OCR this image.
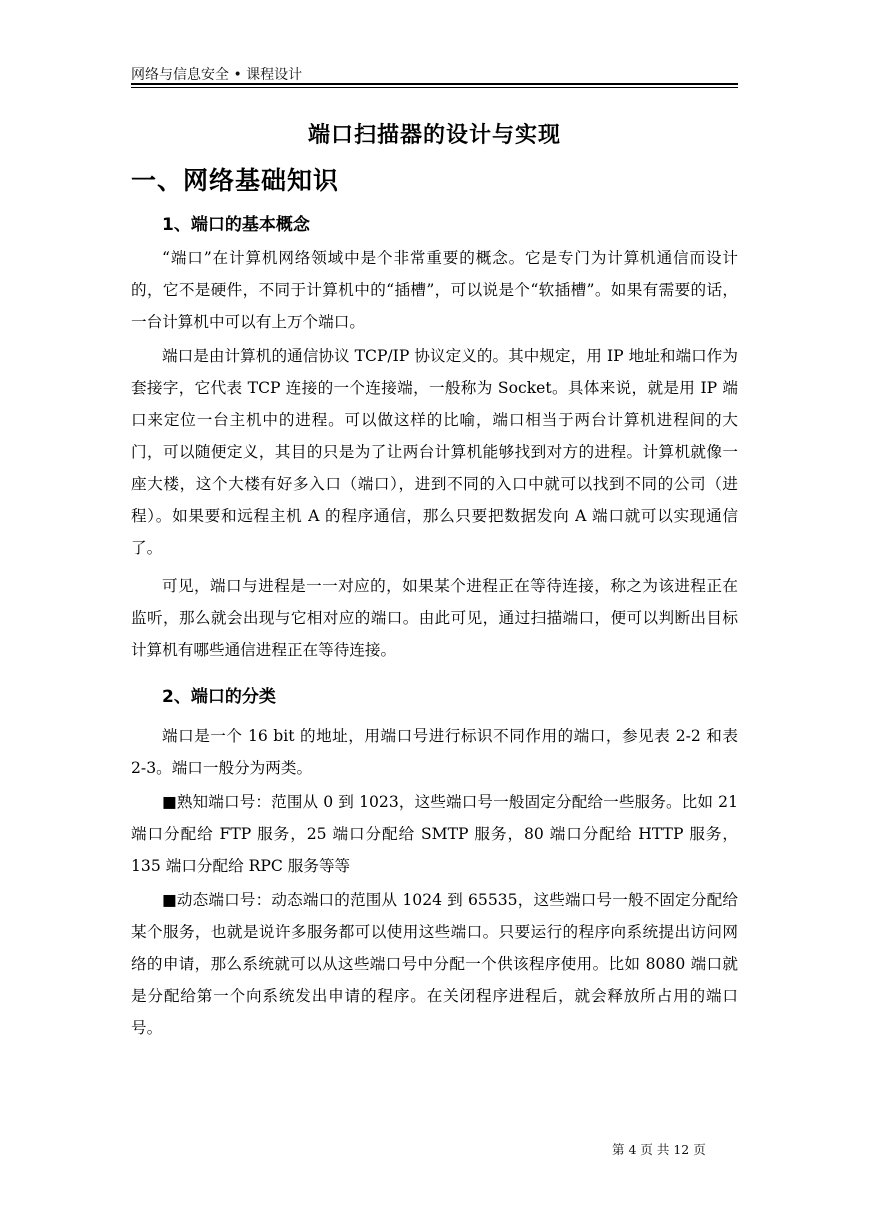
网络与信息安全 • 课程设计
端口扫描器的设计与实现
一、网络基础知识
1、端口的基本概念

“端口”在计算机网络领域中是个非常重要的概念。它是专门为计算机通信而设计的，它不是硬件，不同于计算机中的“插槽”，可以说是个“软插槽”。如果有需要的话，一台计算机中可以有上万个端口。

端口是由计算机的通信协议 TCP/IP 协议定义的。其中规定，用 IP 地址和端口作为套接字，它代表 TCP 连接的一个连接端，一般称为 Socket。具体来说，就是用 IP 端口来定位一台主机中的进程。可以做这样的比喻，端口相当于两台计算机进程间的大门，可以随便定义，其目的只是为了让两台计算机能够找到对方的进程。计算机就像一座大楼，这个大楼有好多入口（端口），进到不同的入口中就可以找到不同的公司（进程）。如果要和远程主机 A 的程序通信，那么只要把数据发向 A 端口就可以实现通信了。

可见，端口与进程是一一对应的，如果某个进程正在等待连接，称之为该进程正在监听，那么就会出现与它相对应的端口。由此可见，通过扫描端口，便可以判断出目标计算机有哪些通信进程正在等待连接。

2、端口的分类

端口是一个 16 bit 的地址，用端口号进行标识不同作用的端口，参见表 2-2 和表 2-3。端口一般分为两类。

■熟知端口号：范围从 0 到 1023，这些端口号一般固定分配给一些服务。比如 21 端口分配给 FTP 服务，25 端口分配给 SMTP 服务，80 端口分配给 HTTP 服务，135 端口分配给 RPC 服务等等

■动态端口号：动态端口的范围从 1024 到 65535，这些端口号一般不固定分配给某个服务，也就是说许多服务都可以使用这些端口。只要运行的程序向系统提出访问网络的申请，那么系统就可以从这些端口号中分配一个供该程序使用。比如 8080 端口就是分配给第一个向系统发出申请的程序。在关闭程序进程后，就会释放所占用的端口号。

第 4 页 共 12 页
